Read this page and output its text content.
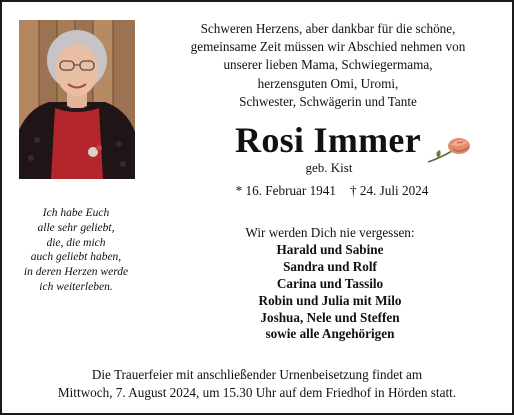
Schweren Herzens, aber dankbar für die schöne,
gemeinsame Zeit müssen wir Abschied nehmen von
unserer lieben Mama, Schwiegermama,
herzensguten Omi, Uromi,
Schwester, Schwägerin und Tante
Rosi Immer
geb. Kist
* 16. Februar 1941 † 24. Juli 2024
Ich habe Euch
alle sehr geliebt,
die, die mich
auch geliebt haben,
in deren Herzen werde
ich weiterleben.
Wir werden Dich nie vergessen:
Harald und Sabine
Sandra und Rolf
Carina und Tassilo
Robin und Julia mit Milo
Joshua, Nele und Steffen
sowie alle Angehörigen
Die Trauerfeier mit anschließender Urnenbeisetzung findet am
Mittwoch, 7. August 2024, um 15.30 Uhr auf dem Friedhof in Hörden statt.
